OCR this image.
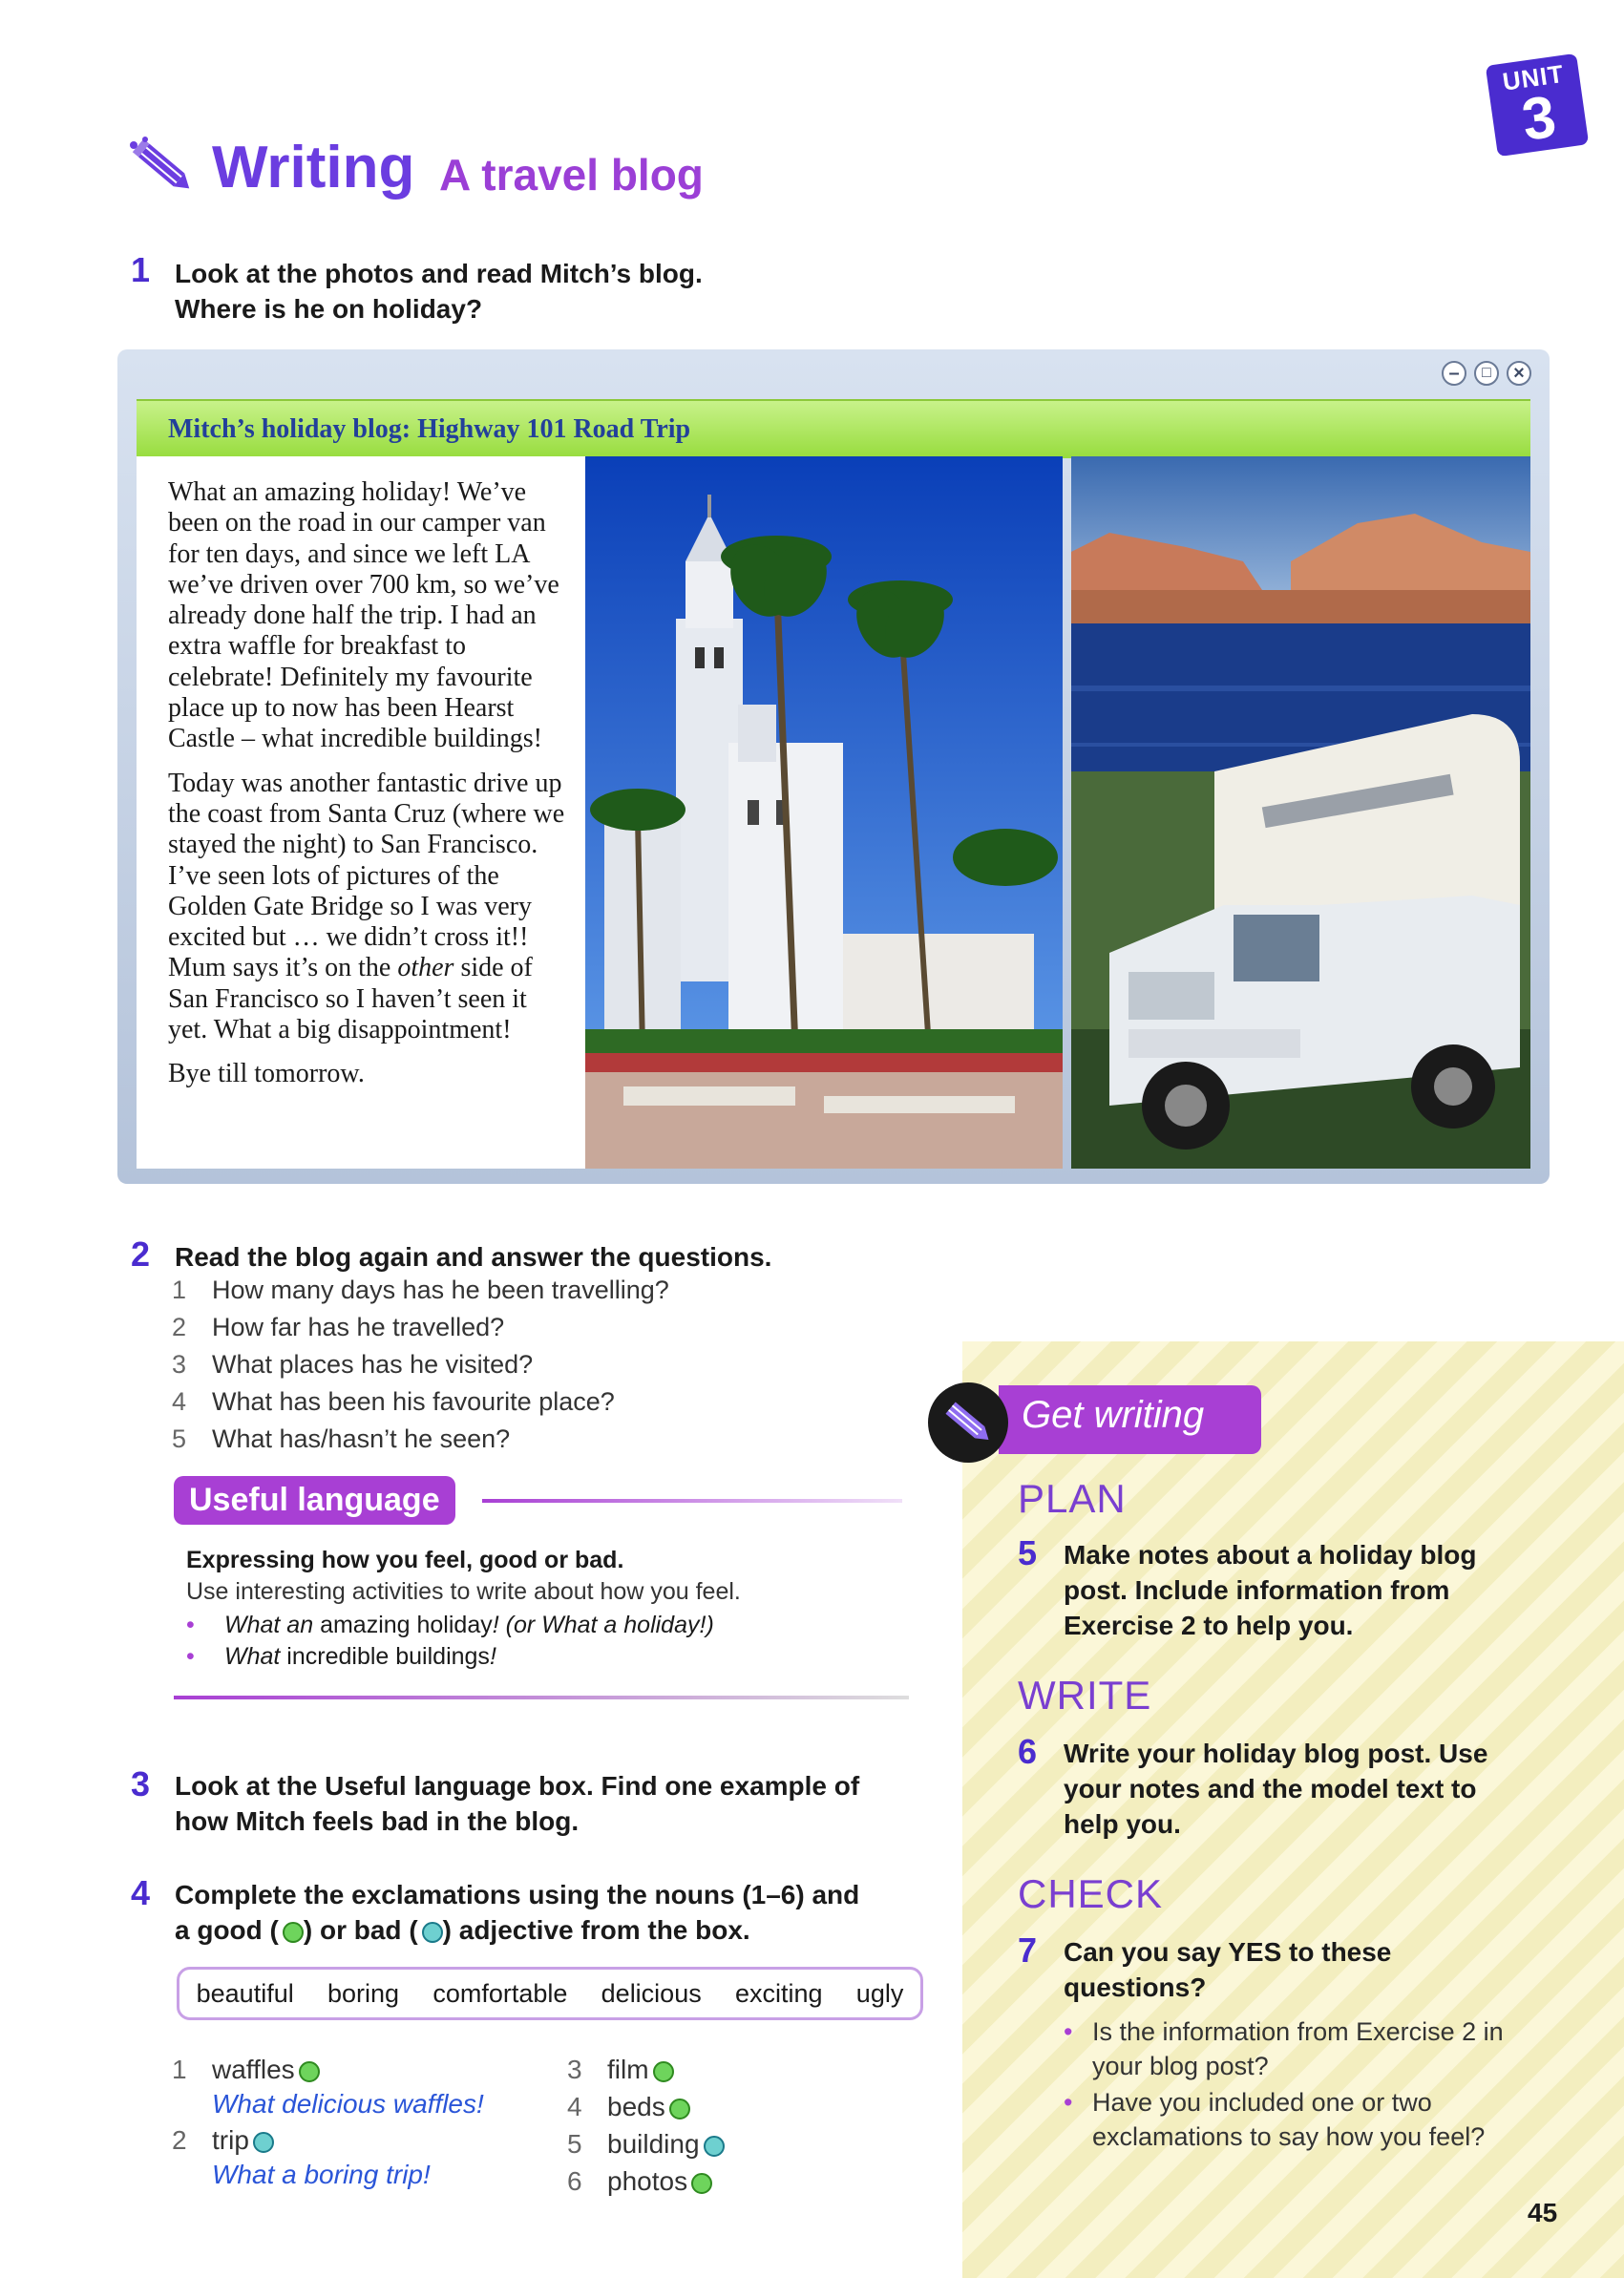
UNIT
3
Writing A travel blog
1 Look at the photos and read Mitch’s blog.
Where is he on holiday?
–	□	×
Mitch’s holiday blog: Highway 101 Road Trip

What an amazing holiday! We’ve been on the road in our camper van for ten days, and since we left LA we’ve driven over 700 km, so we’ve already done half the trip. I had an extra waffle for breakfast to celebrate! Definitely my favourite place up to now has been Hearst Castle – what incredible buildings!

Today was another fantastic drive up the coast from Santa Cruz (where we stayed the night) to San Francisco. I’ve seen lots of pictures of the Golden Gate Bridge so I was very excited but … we didn’t cross it!! Mum says it’s on the other side of San Francisco so I haven’t seen it yet. What a big disappointment!

Bye till tomorrow.

2 Read the blog again and answer the questions.
1 How many days has he been travelling?
2 How far has he travelled?
3 What places has he visited?
4 What has been his favourite place?
5 What has/hasn’t he seen?
Useful language
Expressing how you feel, good or bad.
Use interesting activities to write about how you feel.
•	What an amazing holiday! (or What a holiday!)
•	What incredible buildings!
3 Look at the Useful language box. Find one example of
how Mitch feels bad in the blog.
4 Complete the exclamations using the nouns (1–6) and
a good ( ) or bad ( ) adjective from the box.
beautiful boring comfortable delicious exciting ugly
1 waffles
What delicious waffles!
2 trip
What a boring trip!
3 film
4 beds
5 building
6 photos
Get writing
PLAN
5 Make notes about a holiday blog
post. Include information from
Exercise 2 to help you.
WRITE
6 Write your holiday blog post. Use
your notes and the model text to
help you.
CHECK
7 Can you say YES to these
questions?
• Is the information from Exercise 2 in
your blog post?
• Have you included one or two
exclamations to say how you feel?
45
